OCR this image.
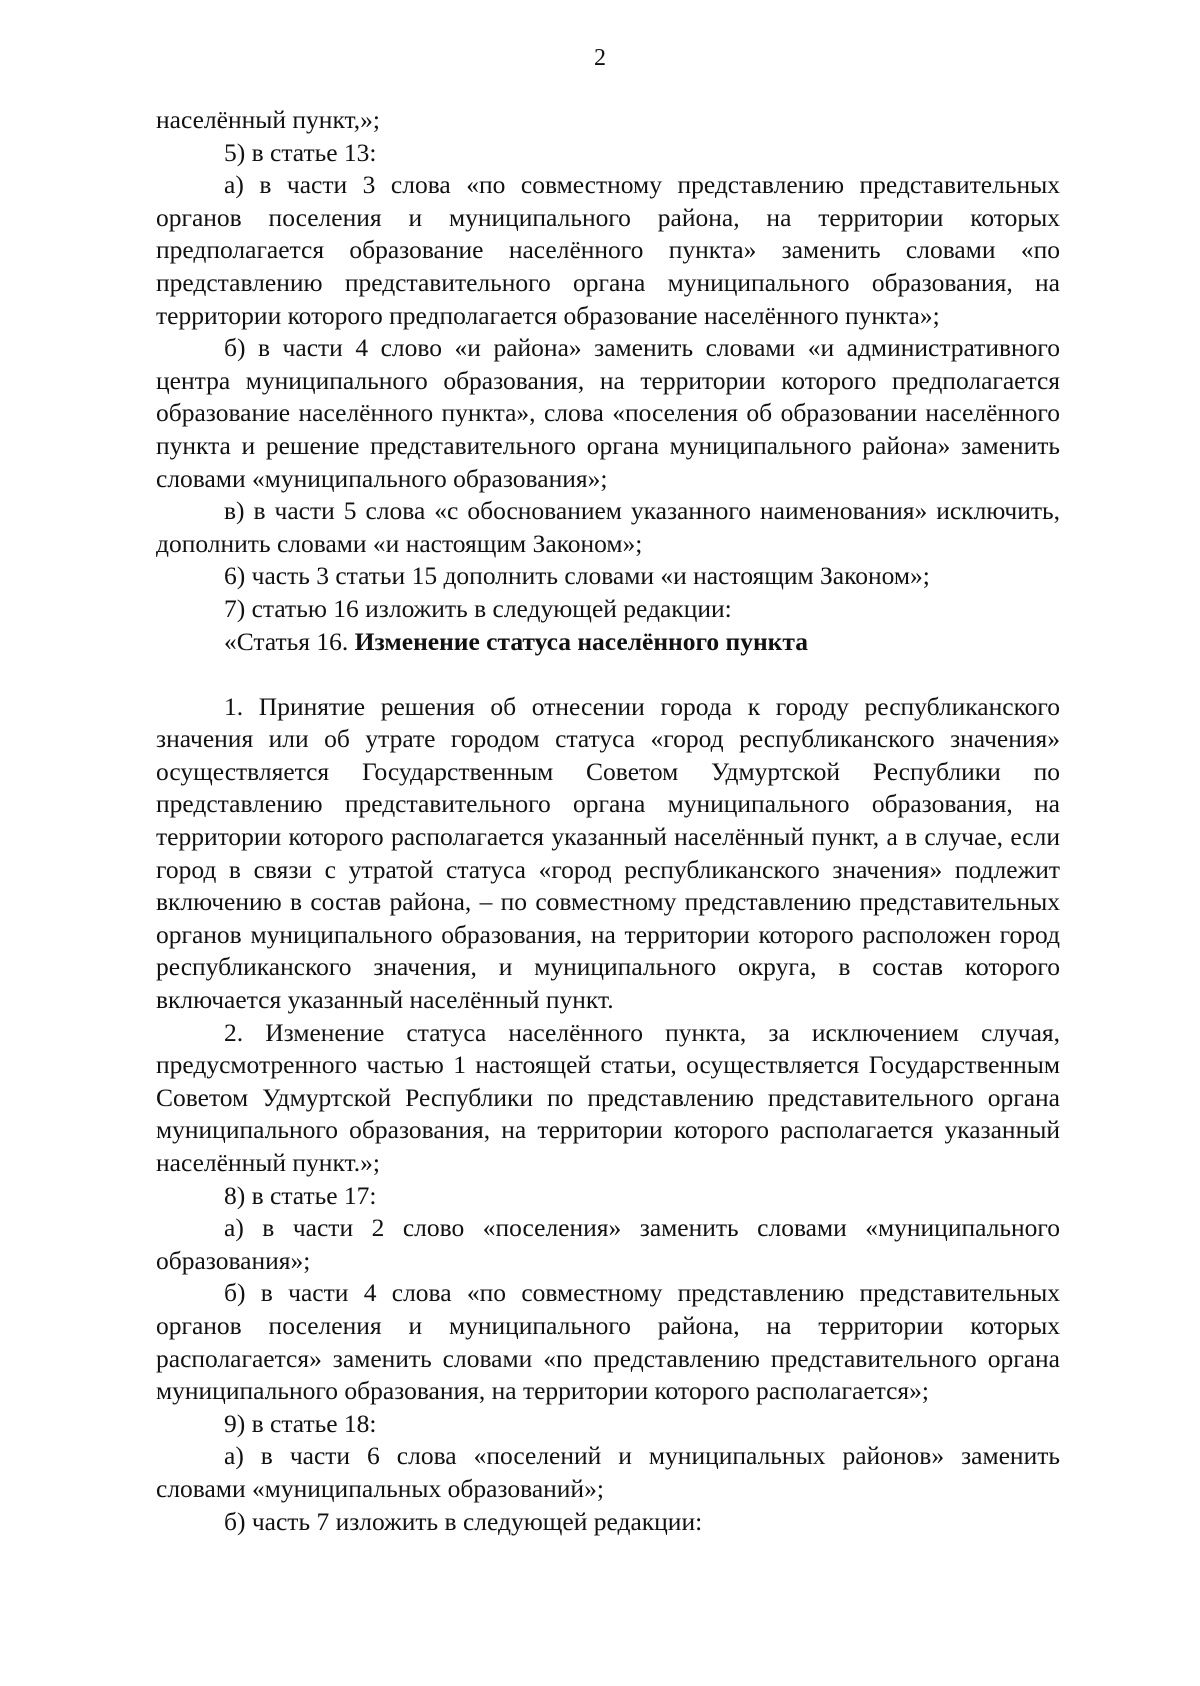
2

населённый пункт,»;

5) в статье 13:

а) в части 3 слова «по совместному представлению представительных органов поселения и муниципального района, на территории которых предполагается образование населённого пункта» заменить словами «по представлению представительного органа муниципального образования, на территории которого предполагается образование населённого пункта»;

б) в части 4 слово «и района» заменить словами «и административного центра муниципального образования, на территории которого предполагается образование населённого пункта», слова «поселения об образовании населённого пункта и решение представительного органа муниципального района» заменить словами «муниципального образования»;

в) в части 5 слова «с обоснованием указанного наименования» исключить, дополнить словами «и настоящим Законом»;

6) часть 3 статьи 15 дополнить словами «и настоящим Законом»;

7) статью 16 изложить в следующей редакции:

«Статья 16. Изменение статуса населённого пункта

1. Принятие решения об отнесении города к городу республиканского значения или об утрате городом статуса «город республиканского значения» осуществляется Государственным Советом Удмуртской Республики по представлению представительного органа муниципального образования, на территории которого располагается указанный населённый пункт, а в случае, если город в связи с утратой статуса «город республиканского значения» подлежит включению в состав района, – по совместному представлению представительных органов муниципального образования, на территории которого расположен город республиканского значения, и муниципального округа, в состав которого включается указанный населённый пункт.

2. Изменение статуса населённого пункта, за исключением случая, предусмотренного частью 1 настоящей статьи, осуществляется Государственным Советом Удмуртской Республики по представлению представительного органа муниципального образования, на территории которого располагается указанный населённый пункт.»;

8) в статье 17:

а) в части 2 слово «поселения» заменить словами «муниципального образования»;

б) в части 4 слова «по совместному представлению представительных органов поселения и муниципального района, на территории которых располагается» заменить словами «по представлению представительного органа муниципального образования, на территории которого располагается»;

9) в статье 18:

а) в части 6 слова «поселений и муниципальных районов» заменить словами «муниципальных образований»;

б) часть 7 изложить в следующей редакции:
